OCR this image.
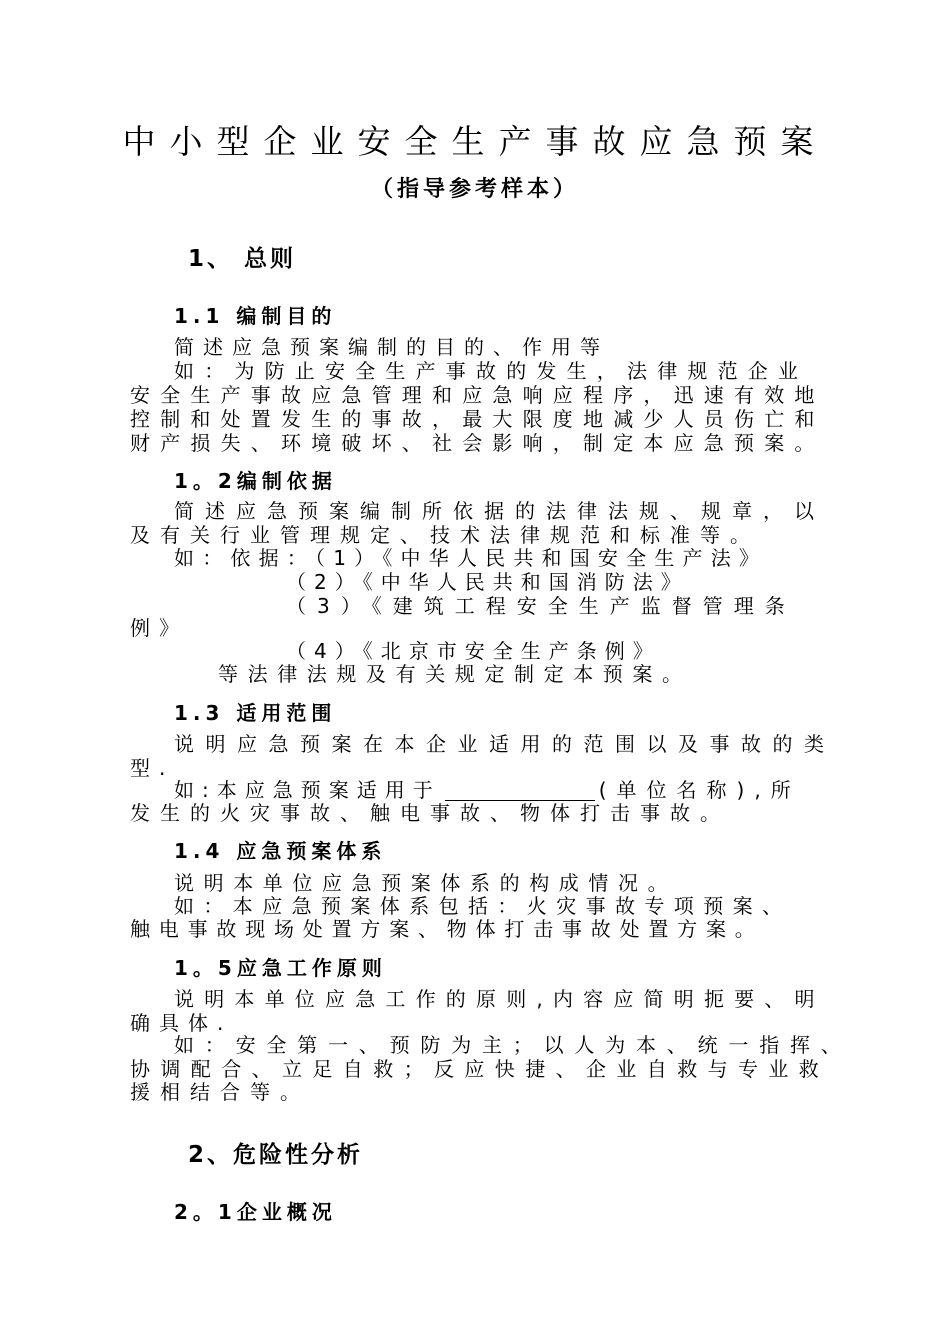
中小型企业安全生产事故应急预案
（指导参考样本）
1、 总则
1.1 编制目的
简述应急预案编制的目的、作用等
如：为防止安全生产事故的发生，法律规范企业
安全生产事故应急管理和应急响应程序，迅速有效地
控制和处置发生的事故，最大限度地减少人员伤亡和
财产损失、环境破坏、社会影响，制定本应急预案。
1。2编制依据
简述应急预案编制所依据的法律法规、规章，以
及有关行业管理规定、技术法律规范和标准等。
如：依据：（1）《中华人民共和国安全生产法》
（2）《中华人民共和国消防法》
（3）《建筑工程安全生产监督管理条
例》
（4）《北京市安全生产条例》
等法律法规及有关规定制定本预案。
1.3 适用范围
说明应急预案在本企业适用的范围以及事故的类
型.
如:本应急预案适用于	(单位名称),所
发生的火灾事故、触电事故、物体打击事故。
1.4 应急预案体系
说明本单位应急预案体系的构成情况。
如：本应急预案体系包括：火灾事故专项预案、
触电事故现场处置方案、物体打击事故处置方案。
1。5应急工作原则
说明本单位应急工作的原则,内容应简明扼要、明
确具体.
如：安全第一、预防为主；以人为本、统一指挥、
协调配合、立足自救；反应快捷、企业自救与专业救
援相结合等。
2、危险性分析
2。1企业概况
